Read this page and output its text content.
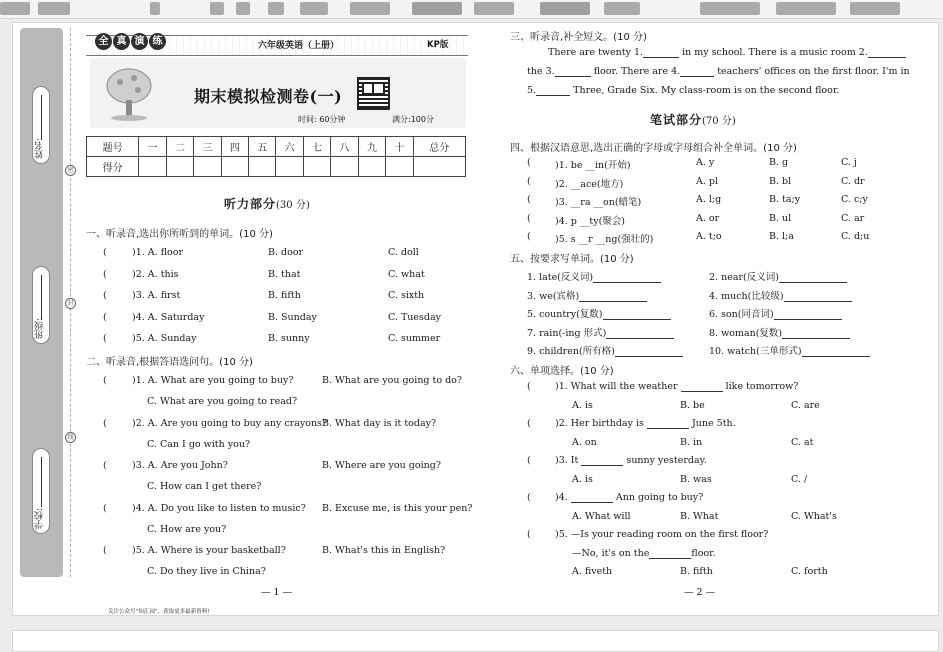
姓名:
班级:
学校:
密
封
线
全 真 演 练	六年级英语（上册）	KP版
期末模拟检测卷(一)
时间: 60分钟	满分:100分
题号	一	二	三	四	五	六	七	八	九	十	总分
得分											
听力部分(30 分)
一、听录音,选出你所听到的单词。(10 分)
(	)1. A. floor	B. door	C. doll
(	)2. A. this	B. that	C. what
(	)3. A. first	B. fifth	C. sixth
(	)4. A. Saturday	B. Sunday	C. Tuesday
(	)5. A. Sunday	B. sunny	C. summer
二、听录音,根据答语选问句。(10 分)
(	)1. A. What are you going to buy?	B. What are you going to do?
C. What are you going to read?
(	)2. A. Are you going to buy any crayons?
B. What day is it today?
C. Can I go with you?
(	)3. A. Are you John?	B. Where are you going?
C. How can I get there?
(	)4. A. Do you like to listen to music? B. Excuse me, is this your pen?
C. How are you?
(	)5. A. Where is your basketball?	B. What's this in English?
C. Do they live in China?
— 1 —
关注公众号“知汇园”，获取更多最新资料!
三、听录音,补全短文。(10 分)
There are twenty 1.	in my school. There is a music room 2.
the 3.	floor. There are 4.	teachers' offices on the first floor. I'm in
5.	Three, Grade Six. My class-room is on the second floor.
笔试部分(70 分)
四、根据汉语意思,选出正确的字母或字母组合补全单词。(10 分)
(	)1. be __in(开始)	A. y	B. g	C. j
(	)2. __ace(地方)	A. pl	B. bl	C. dr
(	)3. __ra __on(蜡笔)	A. l;g	B. ta;y	C. c;y
(	)4. p __ty(聚会)	A. or	B. ul	C. ar
(	)5. s __r __ng(强壮的)	A. t;o	B. l;a	C. d;u
五、按要求写单词。(10 分)
1. late(反义词)	2. near(反义词)
3. we(宾格)	4. much(比较级)
5. country(复数)	6. son(同音词)
7. rain(-ing 形式)	8. woman(复数)
9. children(所有格)	10. watch(三单形式)
六、单项选择。(10 分)
(	)1. What will the weather	like tomorrow?
A. is	B. be	C. are
(	)2. Her birthday is	June 5th.
A. on	B. in	C. at
(	)3. It	sunny yesterday.
A. is	B. was	C. /
(	)4.	Ann going to buy?
A. What will	B. What	C. What's
(	)5. —Is your reading room on the first floor?
—No, it's on the	floor.
A. fiveth	B. fifth	C. forth
— 2 —
